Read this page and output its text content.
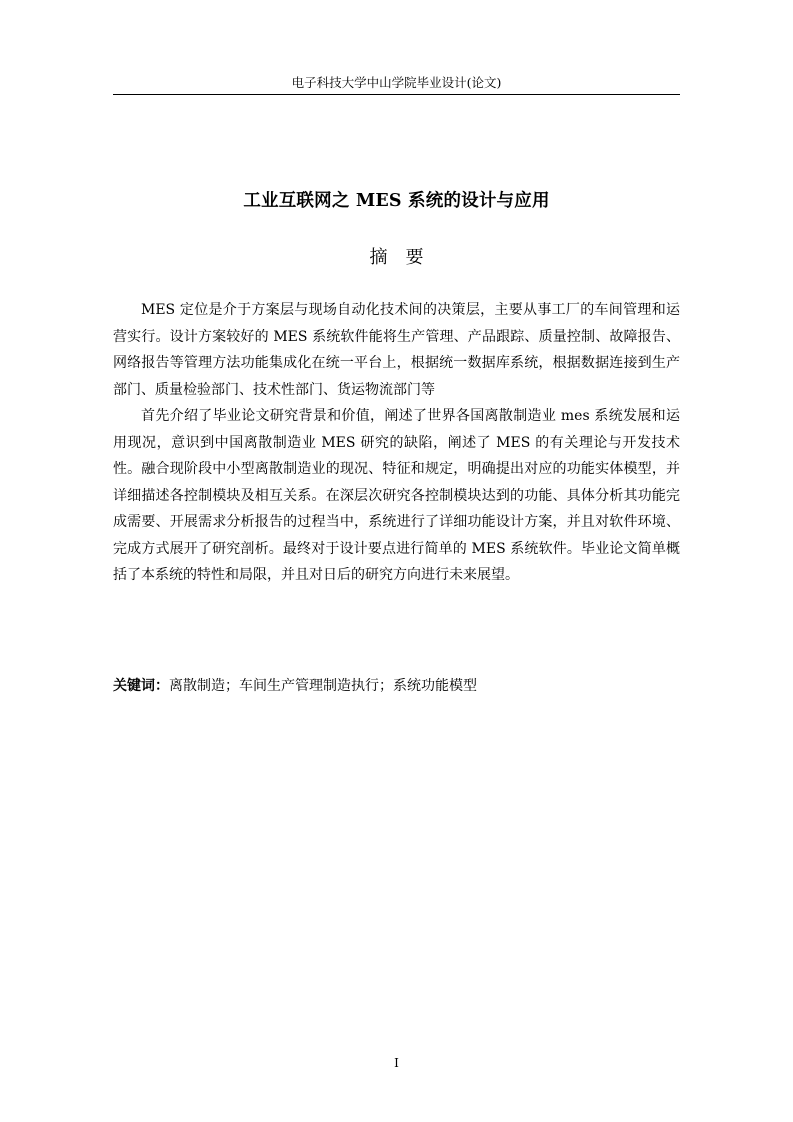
电子科技大学中山学院毕业设计(论文)
工业互联网之 MES 系统的设计与应用
摘要

MES 定位是介于方案层与现场自动化技术间的决策层，主要从事工厂的车间管理和运营实行。设计方案较好的 MES 系统软件能将生产管理、产品跟踪、质量控制、故障报告、网络报告等管理方法功能集成化在统一平台上，根据统一数据库系统，根据数据连接到生产部门、质量检验部门、技术性部门、货运物流部门等

首先介绍了毕业论文研究背景和价值，阐述了世界各国离散制造业 mes 系统发展和运用现况，意识到中国离散制造业 MES 研究的缺陷，阐述了 MES 的有关理论与开发技术性。融合现阶段中小型离散制造业的现况、特征和规定，明确提出对应的功能实体模型，并详细描述各控制模块及相互关系。在深层次研究各控制模块达到的功能、具体分析其功能完成需要、开展需求分析报告的过程当中，系统进行了详细功能设计方案，并且对软件环境、完成方式展开了研究剖析。最终对于设计要点进行简单的 MES 系统软件。毕业论文简单概括了本系统的特性和局限，并且对日后的研究方向进行未来展望。

关键词：离散制造；车间生产管理制造执行；系统功能模型
I
